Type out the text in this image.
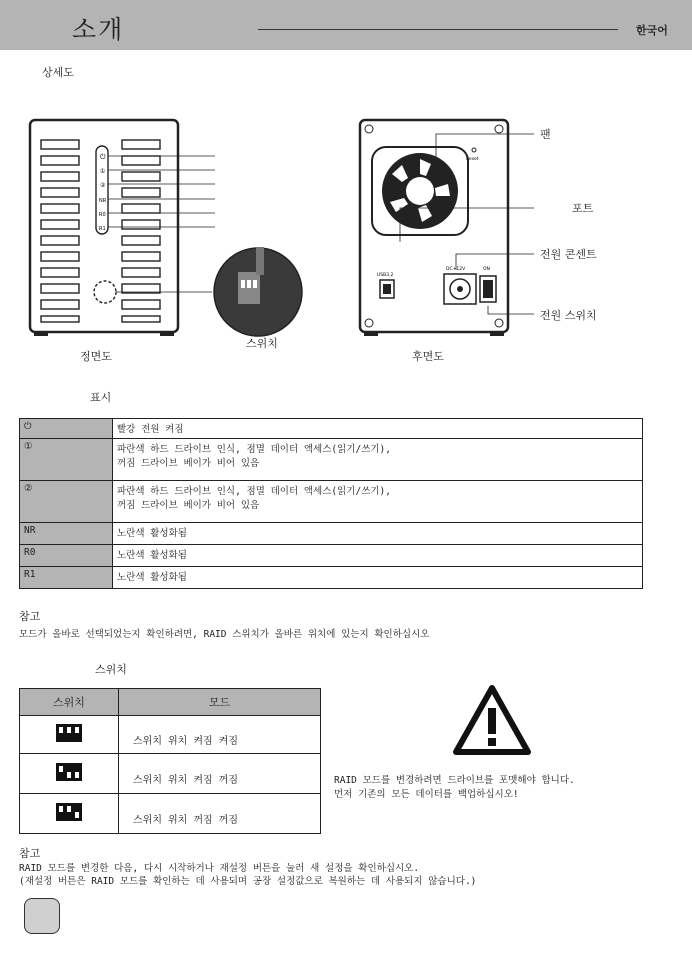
소개	한국어
상세도
⏻
①
②
NR
R0
R1
정면도
스위치
Reset
USB3.2
DC+12V	ON
팬
포트
전원 콘센트
전원 스위치
후면도
표시
⏻	빨강 전원 켜짐
①	파란색 하드 드라이브 인식, 점멸 데이터 액세스(읽기/쓰기),
꺼짐 드라이브 베이가 비어 있음

②	파란색 하드 드라이브 인식, 점멸 데이터 액세스(읽기/쓰기),
꺼짐 드라이브 베이가 비어 있음

NR	노란색 활성화됨
R0	노란색 활성화됨
R1	노란색 활성화됨
참고
모드가 올바로 선택되었는지 확인하려면, RAID 스위치가 올바른 위치에 있는지 확인하십시오
스위치
스위치	모드

	스위치 위치 켜짐 켜짐

	스위치 위치 켜짐 꺼짐

	스위치 위치 꺼짐 꺼짐
RAID 모드를 변경하려면 드라이브를 포맷해야 합니다.
먼저 기존의 모든 데이터를 백업하십시오!
참고
RAID 모드를 변경한 다음, 다시 시작하거나 재설정 버튼을 눌러 새 설정을 확인하십시오.
(재설정 버튼은 RAID 모드를 확인하는 데 사용되며 공장 설정값으로 복원하는 데 사용되지 않습니다.)
